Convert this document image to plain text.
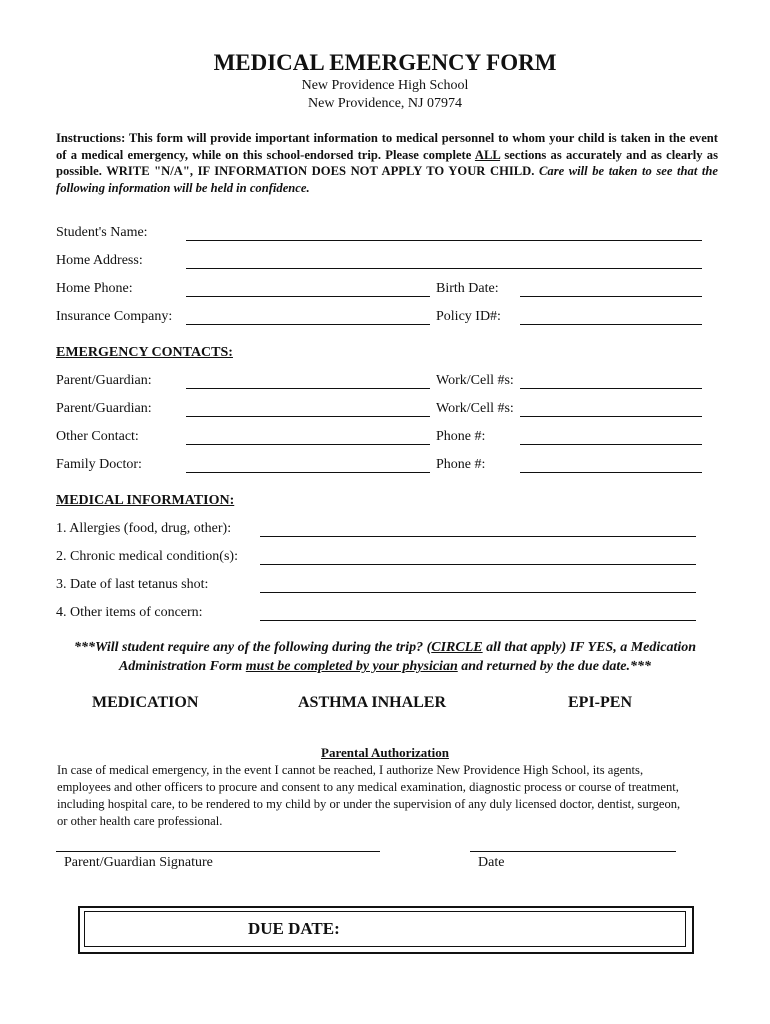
MEDICAL EMERGENCY FORM
New Providence High School
New Providence, NJ 07974
Instructions: This form will provide important information to medical personnel to whom your child is taken in the event of a medical emergency, while on this school-endorsed trip. Please complete ALL sections as accurately and as clearly as possible. WRITE "N/A", IF INFORMATION DOES NOT APPLY TO YOUR CHILD. Care will be taken to see that the following information will be held in confidence.
Student's Name:
Home Address:
Home Phone:	Birth Date:
Insurance Company:	Policy ID#:
EMERGENCY CONTACTS:
Parent/Guardian:	Work/Cell #s:
Parent/Guardian:	Work/Cell #s:
Other Contact:	Phone #:
Family Doctor:	Phone #:
MEDICAL INFORMATION:
1. Allergies (food, drug, other):
2. Chronic medical condition(s):
3. Date of last tetanus shot:
4. Other items of concern:
***Will student require any of the following during the trip? (CIRCLE all that apply) IF YES, a Medication Administration Form must be completed by your physician and returned by the due date.***
MEDICATION	ASTHMA INHALER	EPI-PEN
Parental Authorization
In case of medical emergency, in the event I cannot be reached, I authorize New Providence High School, its agents, employees and other officers to procure and consent to any medical examination, diagnostic process or course of treatment, including hospital care, to be rendered to my child by or under the supervision of any duly licensed doctor, dentist, surgeon, or other health care professional.
Parent/Guardian Signature	Date
DUE DATE:
